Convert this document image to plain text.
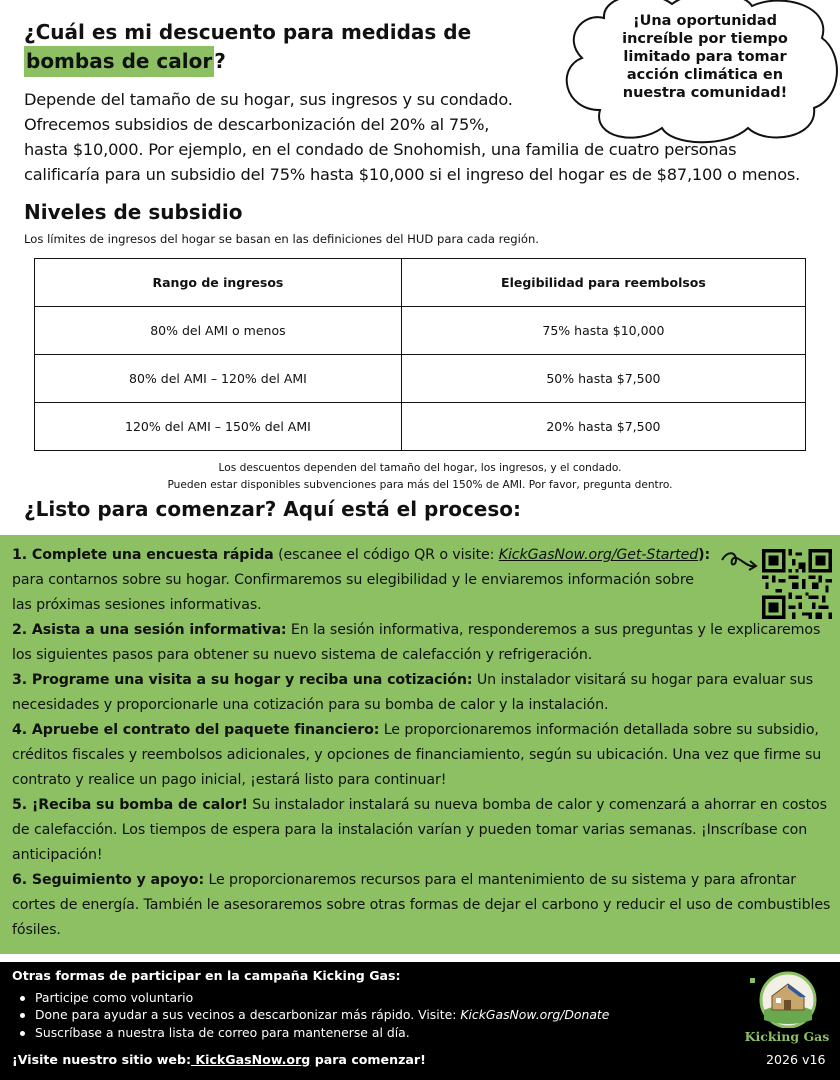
¿Cuál es mi descuento para medidas de
bombas de calor ?
Depende del tamaño de su hogar, sus ingresos y su condado.
Ofrecemos subsidios de descarbonización del 20% al 75%,
hasta $10,000. Por ejemplo, en el condado de Snohomish, una familia de cuatro personas
calificaría para un subsidio del 75% hasta $10,000 si el ingreso del hogar es de $87,100 o menos.
¡Una oportunidad
increíble por tiempo
limitado para tomar
acción climática en
nuestra comunidad!
Niveles de subsidio
Los límites de ingresos del hogar se basan en las definiciones del HUD para cada región.
Rango de ingresos	Elegibilidad para reembolsos
80% del AMI o menos	75% hasta $10,000
80% del AMI – 120% del AMI	50% hasta $7,500
120% del AMI – 150% del AMI	20% hasta $7,500
Los descuentos dependen del tamaño del hogar, los ingresos, y el condado.
Pueden estar disponibles subvenciones para más del 150% de AMI. Por favor, pregunta dentro.
¿Listo para comenzar? Aquí está el proceso:
1. Complete una encuesta rápida (escanee el código QR o visite: KickGasNow.org/Get-Started):
para contarnos sobre su hogar. Confirmaremos su elegibilidad y le enviaremos información sobre
las próximas sesiones informativas.
2. Asista a una sesión informativa: En la sesión informativa, responderemos a sus preguntas y le explicaremos los siguientes pasos para obtener su nuevo sistema de calefacción y refrigeración.
3. Programe una visita a su hogar y reciba una cotización: Un instalador visitará su hogar para evaluar sus necesidades y proporcionarle una cotización para su bomba de calor y la instalación.
4. Apruebe el contrato del paquete financiero: Le proporcionaremos información detallada sobre su subsidio, créditos fiscales y reembolsos adicionales, y opciones de financiamiento, según su ubicación. Una vez que firme su contrato y realice un pago inicial, ¡estará listo para continuar!
5. ¡Reciba su bomba de calor! Su instalador instalará su nueva bomba de calor y comenzará a ahorrar en costos de calefacción. Los tiempos de espera para la instalación varían y pueden tomar varias semanas. ¡Inscríbase con anticipación!
6. Seguimiento y apoyo: Le proporcionaremos recursos para el mantenimiento de su sistema y para afrontar cortes de energía. También le asesoraremos sobre otras formas de dejar el carbono y reducir el uso de combustibles fósiles.
Otras formas de participar en la campaña Kicking Gas:
Participe como voluntario
Done para ayudar a sus vecinos a descarbonizar más rápido. Visite: KickGasNow.org/Donate
Suscríbase a nuestra lista de correo para mantenerse al día.
¡Visite nuestro sitio web: KickGasNow.org para comenzar!
Kicking Gas
2026 v16
